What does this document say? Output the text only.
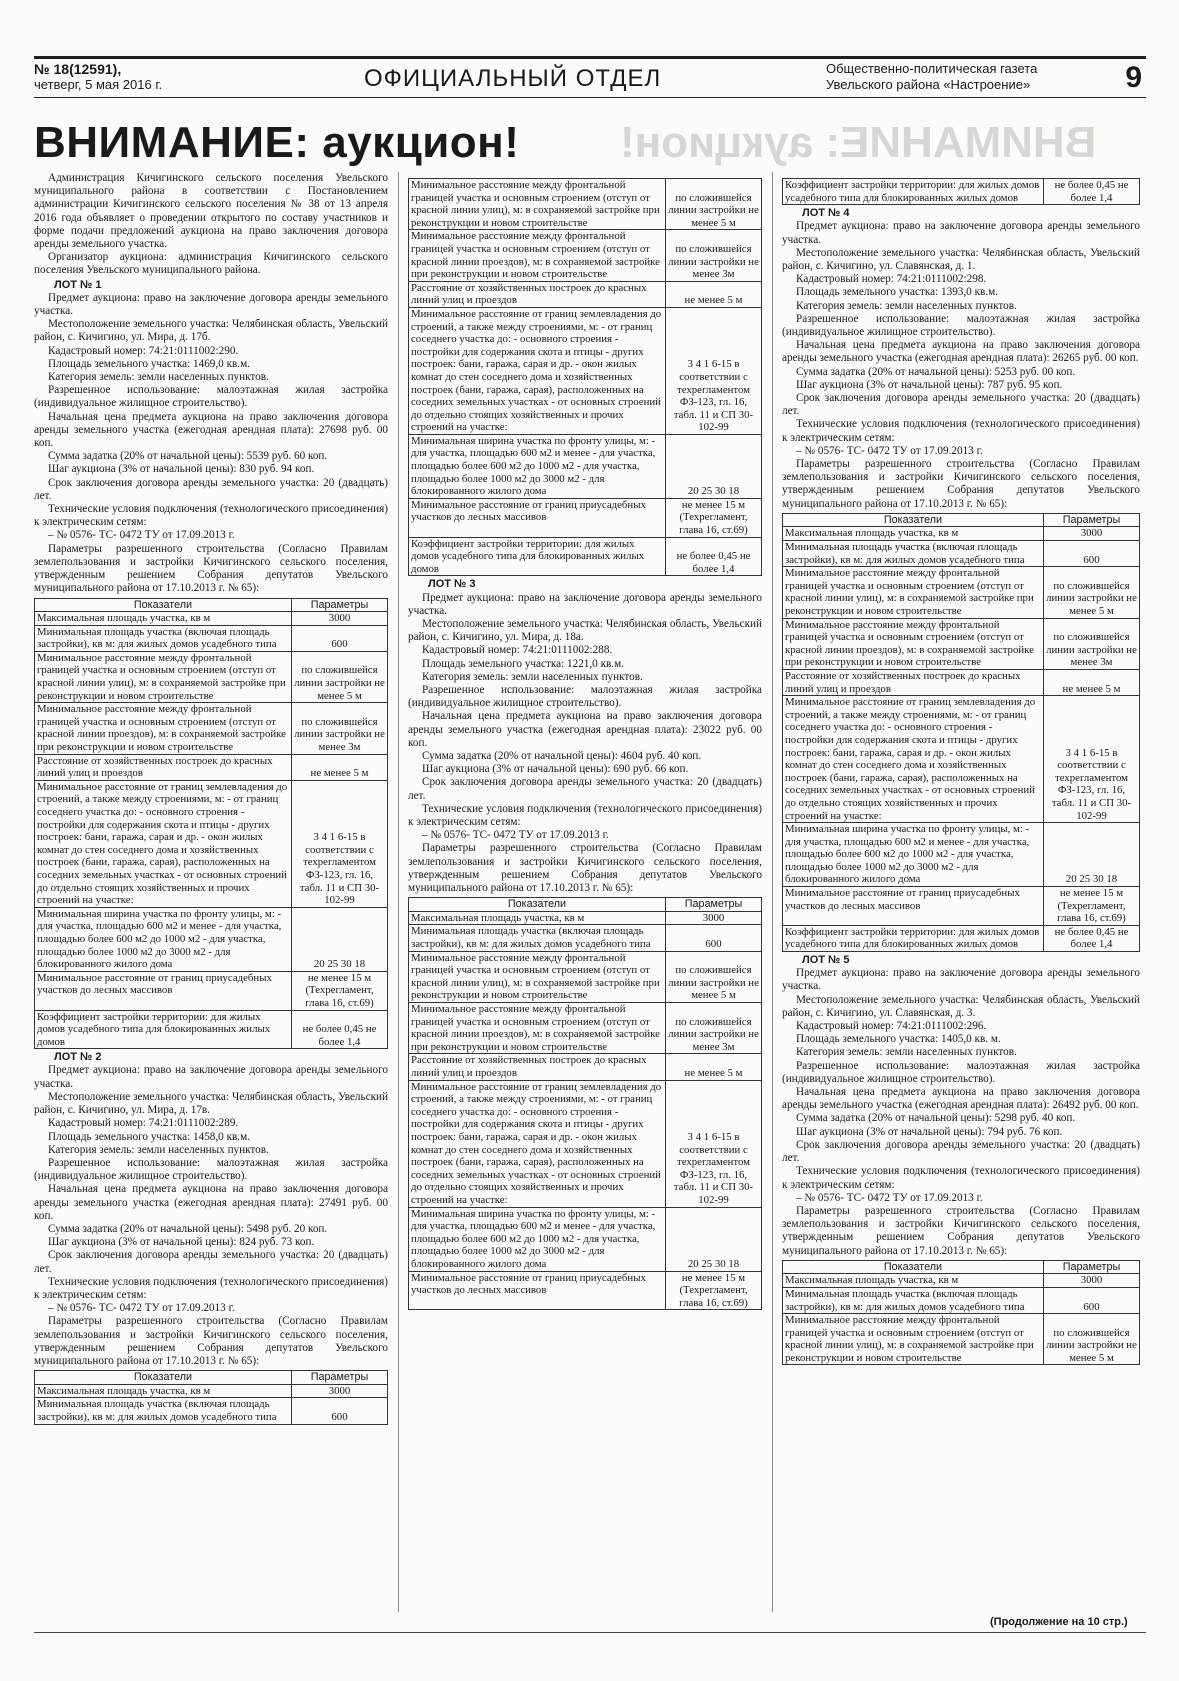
№ 18(12591),
четверг, 5 мая 2016 г.	ОФИЦИАЛЬНЫЙ ОТДЕЛ	Общественно-политическая газета
Увельского района «Настроение»	9
ВНИМАНИЕ: аукцион! ВНИМАНИЕ: аукцион!

Администрация Кичигинского сельского поселения Увельского муниципального района в соответствии с Постановлением администрации Кичигинского сельского поселения № 38 от 13 апреля 2016 года объявляет о проведении открытого по составу участников и форме подачи предложений аукциона на право заключения договора аренды земельного участка.

Организатор аукциона: администрация Кичигинского сельского поселения Увельского муниципального района.

ЛОТ № 1

Предмет аукциона: право на заключение договора аренды земельного участка.

Местоположение земельного участка: Челябинская область, Увельский район, с. Кичигино, ул. Мира, д. 17б.

Кадастровый номер: 74:21:0111002:290.

Площадь земельного участка: 1469,0 кв.м.

Категория земель: земли населенных пунктов.

Разрешенное использование: малоэтажная жилая застройка (индивидуальное жилищное строительство).

Начальная цена предмета аукциона на право заключения договора аренды земельного участка (ежегодная арендная плата): 27698 руб. 00 коп.

Сумма задатка (20% от начальной цены): 5539 руб. 60 коп.

Шаг аукциона (3% от начальной цены): 830 руб. 94 коп.

Срок заключения договора аренды земельного участка: 20 (двадцать) лет.

Технические условия подключения (технологического присоединения) к электрическим сетям:

– № 0576- ТС- 0472 ТУ от 17.09.2013 г.

Параметры разрешенного строительства (Согласно Правилам землепользования и застройки Кичигинского сельского поселения, утвержденным решением Собрания депутатов Увельского муниципального района от 17.10.2013 г. № 65):

Показатели	Параметры
Максимальная площадь участка, кв м	3000
Минимальная площадь участка (включая площадь застройки), кв м: для жилых домов усадебного типа	600
Минимальное расстояние между фронтальной границей участка и основным строением (отступ от красной линии улиц), м: в сохраняемой застройке при реконструкции и новом строительстве	по сложившейся линии застройки не менее 5 м
Минимальное расстояние между фронтальной границей участка и основным строением (отступ от красной линии проездов), м: в сохраняемой застройке при реконструкции и новом строительстве	по сложившейся линии застройки не менее 3м
Расстояние от хозяйственных построек до красных линий улиц и проездов	не менее 5 м
Минимальное расстояние от границ землевладения до строений, а также между строениями, м: - от границ соседнего участка до: - основного строения - постройки для содержания скота и птицы - других построек: бани, гаража, сарая и др. - окон жилых комнат до стен соседнего дома и хозяйственных построек (бани, гаража, сарая), расположенных на соседних земельных участках - от основных строений до отдельно стоящих хозяйственных и прочих строений на участке:	3 4 1 6-15 в соответствии с техрегламентом ФЗ-123, гл. 16, табл. 11 и СП 30-102-99
Минимальная ширина участка по фронту улицы, м: - для участка, площадью 600 м2 и менее - для участка, площадью более 600 м2 до 1000 м2 - для участка, площадью более 1000 м2 до 3000 м2 - для блокированного жилого дома	20 25 30 18
Минимальное расстояние от границ приусадебных участков до лесных массивов	не менее 15 м (Техрегламент, глава 16, ст.69)
Коэффициент застройки территории: для жилых домов усадебного типа для блокированных жилых домов	не более 0,45 не более 1,4
ЛОТ № 2

Предмет аукциона: право на заключение договора аренды земельного участка.

Местоположение земельного участка: Челябинская область, Увельский район, с. Кичигино, ул. Мира, д. 17в.

Кадастровый номер: 74:21:0111002:289.

Площадь земельного участка: 1458,0 кв.м.

Категория земель: земли населенных пунктов.

Разрешенное использование: малоэтажная жилая застройка (индивидуальное жилищное строительство).

Начальная цена предмета аукциона на право заключения договора аренды земельного участка (ежегодная арендная плата): 27491 руб. 00 коп.

Сумма задатка (20% от начальной цены): 5498 руб. 20 коп.

Шаг аукциона (3% от начальной цены): 824 руб. 73 коп.

Срок заключения договора аренды земельного участка: 20 (двадцать) лет.

Технические условия подключения (технологического присоединения) к электрическим сетям:

– № 0576- ТС- 0472 ТУ от 17.09.2013 г.

Параметры разрешенного строительства (Согласно Правилам землепользования и застройки Кичигинского сельского поселения, утвержденным решением Собрания депутатов Увельского муниципального района от 17.10.2013 г. № 65):

Показатели	Параметры
Максимальная площадь участка, кв м	3000
Минимальная площадь участка (включая площадь застройки), кв м: для жилых домов усадебного типа	600
Минимальное расстояние между фронтальной границей участка и основным строением (отступ от красной линии улиц), м: в сохраняемой застройке при реконструкции и новом строительстве	по сложившейся линии застройки не менее 5 м
Минимальное расстояние между фронтальной границей участка и основным строением (отступ от красной линии проездов), м: в сохраняемой застройке при реконструкции и новом строительстве	по сложившейся линии застройки не менее 3м
Расстояние от хозяйственных построек до красных линий улиц и проездов	не менее 5 м
Минимальное расстояние от границ землевладения до строений, а также между строениями, м: - от границ соседнего участка до: - основного строения - постройки для содержания скота и птицы - других построек: бани, гаража, сарая и др. - окон жилых комнат до стен соседнего дома и хозяйственных построек (бани, гаража, сарая), расположенных на соседних земельных участках - от основных строений до отдельно стоящих хозяйственных и прочих строений на участке:	3 4 1 6-15 в соответствии с техрегламентом ФЗ-123, гл. 16, табл. 11 и СП 30-102-99
Минимальная ширина участка по фронту улицы, м: - для участка, площадью 600 м2 и менее - для участка, площадью более 600 м2 до 1000 м2 - для участка, площадью более 1000 м2 до 3000 м2 - для блокированного жилого дома	20 25 30 18
Минимальное расстояние от границ приусадебных участков до лесных массивов	не менее 15 м (Техрегламент, глава 16, ст.69)
Коэффициент застройки территории: для жилых домов усадебного типа для блокированных жилых домов	не более 0,45 не более 1,4
ЛОТ № 3

Предмет аукциона: право на заключение договора аренды земельного участка.

Местоположение земельного участка: Челябинская область, Увельский район, с. Кичигино, ул. Мира, д. 18а.

Кадастровый номер: 74:21:0111002:288.

Площадь земельного участка: 1221,0 кв.м.

Категория земель: земли населенных пунктов.

Разрешенное использование: малоэтажная жилая застройка (индивидуальное жилищное строительство).

Начальная цена предмета аукциона на право заключения договора аренды земельного участка (ежегодная арендная плата): 23022 руб. 00 коп.

Сумма задатка (20% от начальной цены): 4604 руб. 40 коп.

Шаг аукциона (3% от начальной цены): 690 руб. 66 коп.

Срок заключения договора аренды земельного участка: 20 (двадцать) лет.

Технические условия подключения (технологического присоединения) к электрическим сетям:

– № 0576- ТС- 0472 ТУ от 17.09.2013 г.

Параметры разрешенного строительства (Согласно Правилам землепользования и застройки Кичигинского сельского поселения, утвержденным решением Собрания депутатов Увельского муниципального района от 17.10.2013 г. № 65):

Показатели	Параметры
Максимальная площадь участка, кв м	3000
Минимальная площадь участка (включая площадь застройки), кв м: для жилых домов усадебного типа	600
Минимальное расстояние между фронтальной границей участка и основным строением (отступ от красной линии улиц), м: в сохраняемой застройке при реконструкции и новом строительстве	по сложившейся линии застройки не менее 5 м
Минимальное расстояние между фронтальной границей участка и основным строением (отступ от красной линии проездов), м: в сохраняемой застройке при реконструкции и новом строительстве	по сложившейся линии застройки не менее 3м
Расстояние от хозяйственных построек до красных линий улиц и проездов	не менее 5 м
Минимальное расстояние от границ землевладения до строений, а также между строениями, м: - от границ соседнего участка до: - основного строения - постройки для содержания скота и птицы - других построек: бани, гаража, сарая и др. - окон жилых комнат до стен соседнего дома и хозяйственных построек (бани, гаража, сарая), расположенных на соседних земельных участках - от основных строений до отдельно стоящих хозяйственных и прочих строений на участке:	3 4 1 6-15 в соответствии с техрегламентом ФЗ-123, гл. 16, табл. 11 и СП 30-102-99
Минимальная ширина участка по фронту улицы, м: - для участка, площадью 600 м2 и менее - для участка, площадью более 600 м2 до 1000 м2 - для участка, площадью более 1000 м2 до 3000 м2 - для блокированного жилого дома	20 25 30 18
Минимальное расстояние от границ приусадебных участков до лесных массивов	не менее 15 м (Техрегламент, глава 16, ст.69)
Коэффициент застройки территории: для жилых домов усадебного типа для блокированных жилых домов	не более 0,45 не более 1,4
ЛОТ № 4

Предмет аукциона: право на заключение договора аренды земельного участка.

Местоположение земельного участка: Челябинская область, Увельский район, с. Кичигино, ул. Славянская, д. 1.

Кадастровый номер: 74:21:0111002:298.

Площадь земельного участка: 1393,0 кв.м.

Категория земель: земли населенных пунктов.

Разрешенное использование: малоэтажная жилая застройка (индивидуальное жилищное строительство).

Начальная цена предмета аукциона на право заключения договора аренды земельного участка (ежегодная арендная плата): 26265 руб. 00 коп.

Сумма задатка (20% от начальной цены): 5253 руб. 00 коп.

Шаг аукциона (3% от начальной цены): 787 руб. 95 коп.

Срок заключения договора аренды земельного участка: 20 (двадцать) лет.

Технические условия подключения (технологического присоединения) к электрическим сетям:

– № 0576- ТС- 0472 ТУ от 17.09.2013 г.

Параметры разрешенного строительства (Согласно Правилам землепользования и застройки Кичигинского сельского поселения, утвержденным решением Собрания депутатов Увельского муниципального района от 17.10.2013 г. № 65):

Показатели	Параметры
Максимальная площадь участка, кв м	3000
Минимальная площадь участка (включая площадь застройки), кв м: для жилых домов усадебного типа	600
Минимальное расстояние между фронтальной границей участка и основным строением (отступ от красной линии улиц), м: в сохраняемой застройке при реконструкции и новом строительстве	по сложившейся линии застройки не менее 5 м
Минимальное расстояние между фронтальной границей участка и основным строением (отступ от красной линии проездов), м: в сохраняемой застройке при реконструкции и новом строительстве	по сложившейся линии застройки не менее 3м
Расстояние от хозяйственных построек до красных линий улиц и проездов	не менее 5 м
Минимальное расстояние от границ землевладения до строений, а также между строениями, м: - от границ соседнего участка до: - основного строения - постройки для содержания скота и птицы - других построек: бани, гаража, сарая и др. - окон жилых комнат до стен соседнего дома и хозяйственных построек (бани, гаража, сарая), расположенных на соседних земельных участках - от основных строений до отдельно стоящих хозяйственных и прочих строений на участке:	3 4 1 6-15 в соответствии с техрегламентом ФЗ-123, гл. 16, табл. 11 и СП 30-102-99
Минимальная ширина участка по фронту улицы, м: - для участка, площадью 600 м2 и менее - для участка, площадью более 600 м2 до 1000 м2 - для участка, площадью более 1000 м2 до 3000 м2 - для блокированного жилого дома	20 25 30 18
Минимальное расстояние от границ приусадебных участков до лесных массивов	не менее 15 м (Техрегламент, глава 16, ст.69)
Коэффициент застройки территории: для жилых домов усадебного типа для блокированных жилых домов	не более 0,45 не более 1,4
ЛОТ № 5

Предмет аукциона: право на заключение договора аренды земельного участка.

Местоположение земельного участка: Челябинская область, Увельский район, с. Кичигино, ул. Славянская, д. 3.

Кадастровый номер: 74:21:0111002:296.

Площадь земельного участка: 1405,0 кв. м.

Категория земель: земли населенных пунктов.

Разрешенное использование: малоэтажная жилая застройка (индивидуальное жилищное строительство).

Начальная цена предмета аукциона на право заключения договора аренды земельного участка (ежегодная арендная плата): 26492 руб. 00 коп.

Сумма задатка (20% от начальной цены): 5298 руб. 40 коп.

Шаг аукциона (3% от начальной цены): 794 руб. 76 коп.

Срок заключения договора аренды земельного участка: 20 (двадцать) лет.

Технические условия подключения (технологического присоединения) к электрическим сетям:

– № 0576- ТС- 0472 ТУ от 17.09.2013 г.

Параметры разрешенного строительства (Согласно Правилам землепользования и застройки Кичигинского сельского поселения, утвержденным решением Собрания депутатов Увельского муниципального района от 17.10.2013 г. № 65):

Показатели	Параметры
Максимальная площадь участка, кв м	3000
Минимальная площадь участка (включая площадь застройки), кв м: для жилых домов усадебного типа	600
Минимальное расстояние между фронтальной границей участка и основным строением (отступ от красной линии улиц), м: в сохраняемой застройке при реконструкции и новом строительстве	по сложившейся линии застройки не менее 5 м
(Продолжение на 10 стр.)
